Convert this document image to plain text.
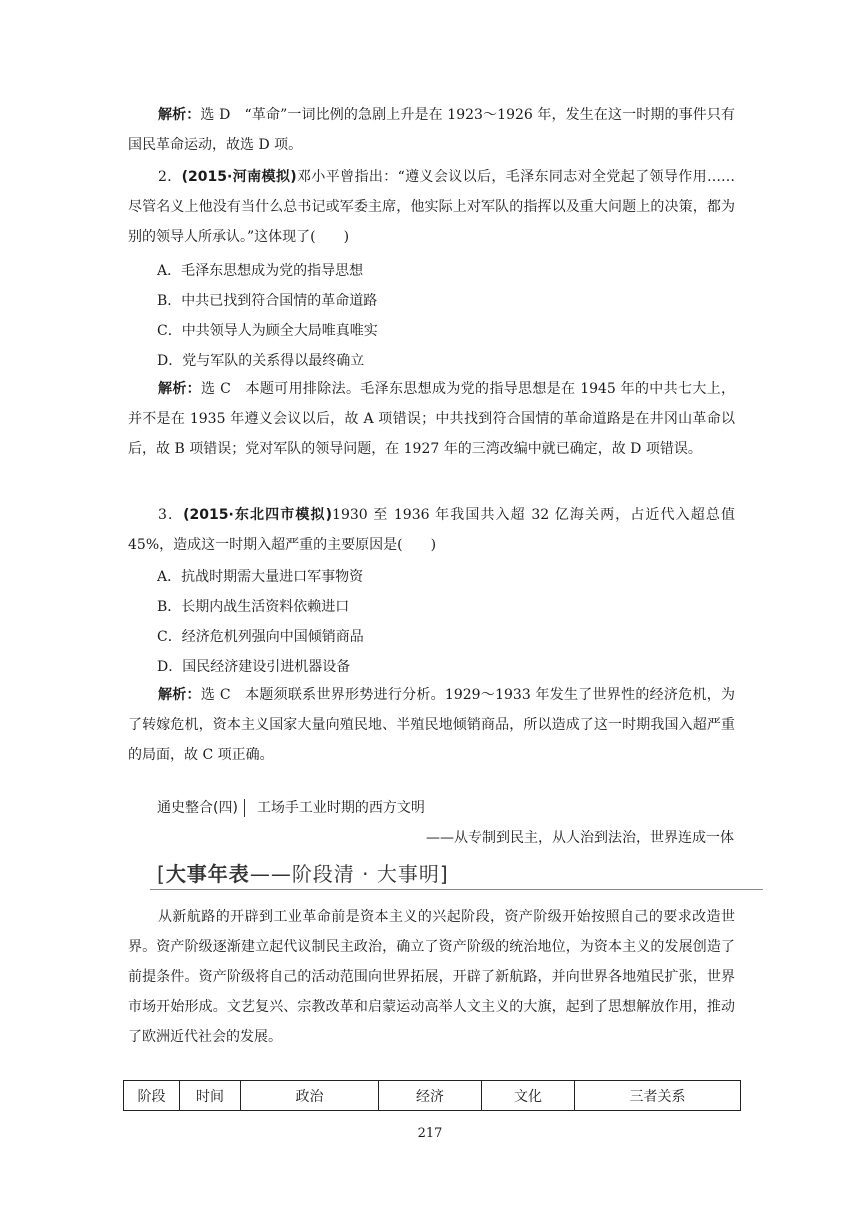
解析：选 D　“革命”一词比例的急剧上升是在 1923～1926 年，发生在这一时期的事件只有国民革命运动，故选 D 项。

2．(2015·河南模拟)邓小平曾指出：“遵义会议以后，毛泽东同志对全党起了领导作用……尽管名义上他没有当什么总书记或军委主席，他实际上对军队的指挥以及重大问题上的决策，都为别的领导人所承认。”这体现了(　　)

A．毛泽东思想成为党的指导思想

B．中共已找到符合国情的革命道路

C．中共领导人为顾全大局唯真唯实

D．党与军队的关系得以最终确立

解析：选 C　本题可用排除法。毛泽东思想成为党的指导思想是在 1945 年的中共七大上，并不是在 1935 年遵义会议以后，故 A 项错误；中共找到符合国情的革命道路是在井冈山革命以后，故 B 项错误；党对军队的领导问题，在 1927 年的三湾改编中就已确定，故 D 项错误。

3．(2015·东北四市模拟)1930 至 1936 年我国共入超 32 亿海关两，占近代入超总值 45%，造成这一时期入超严重的主要原因是(　　)

A．抗战时期需大量进口军事物资

B．长期内战生活资料依赖进口

C．经济危机列强向中国倾销商品

D．国民经济建设引进机器设备

解析：选 C　本题须联系世界形势进行分析。1929～1933 年发生了世界性的经济危机，为了转嫁危机，资本主义国家大量向殖民地、半殖民地倾销商品，所以造成了这一时期我国入超严重的局面，故 C 项正确。

通史整合(四) 工场手工业时期的西方文明
——从专制到民主，从人治到法治，世界连成一体
[大事年表——阶段清 · 大事明]

从新航路的开辟到工业革命前是资本主义的兴起阶段，资产阶级开始按照自己的要求改造世界。资产阶级逐渐建立起代议制民主政治，确立了资产阶级的统治地位，为资本主义的发展创造了前提条件。资产阶级将自己的活动范围向世界拓展，开辟了新航路，并向世界各地殖民扩张，世界市场开始形成。文艺复兴、宗教改革和启蒙运动高举人文主义的大旗，起到了思想解放作用，推动了欧洲近代社会的发展。

阶段	时间	政治	经济	文化	三者关系
217
